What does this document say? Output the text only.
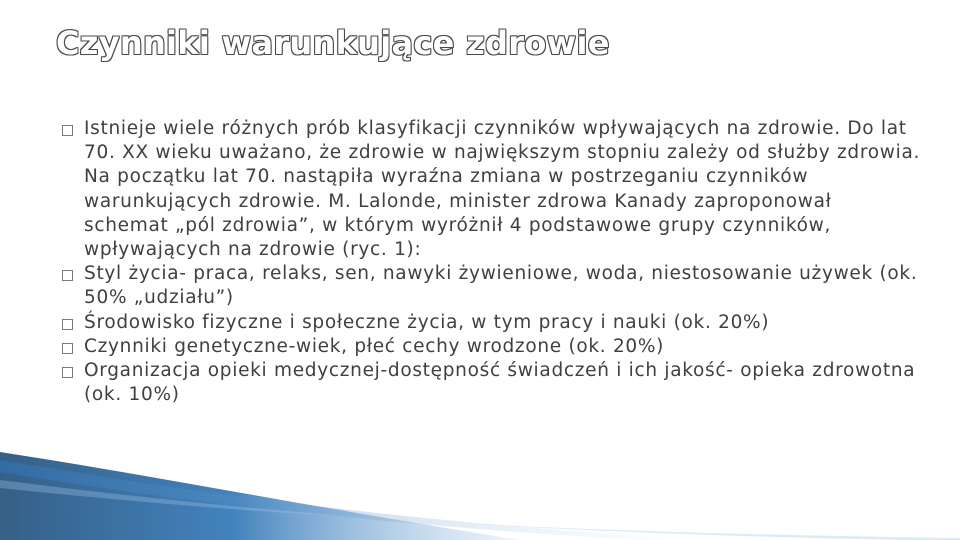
Czynniki warunkujące zdrowie
Istnieje wiele różnych prób klasyfikacji czynników wpływających na zdrowie. Do lat 70. XX wieku uważano, że zdrowie w największym stopniu zależy od służby zdrowia. Na początku lat 70. nastąpiła wyraźna zmiana w postrzeganiu czynników warunkujących zdrowie. M. Lalonde, minister zdrowa Kanady zaproponował schemat „pól zdrowia”, w którym wyróżnił 4 podstawowe grupy czynników, wpływających na zdrowie (ryc. 1):
Styl życia- praca, relaks, sen, nawyki żywieniowe, woda, niestosowanie używek (ok. 50% „udziału”)
Środowisko fizyczne i społeczne życia, w tym pracy i nauki (ok. 20%)
Czynniki genetyczne-wiek, płeć cechy wrodzone (ok. 20%)
Organizacja opieki medycznej-dostępność świadczeń i ich jakość- opieka zdrowotna (ok. 10%)
